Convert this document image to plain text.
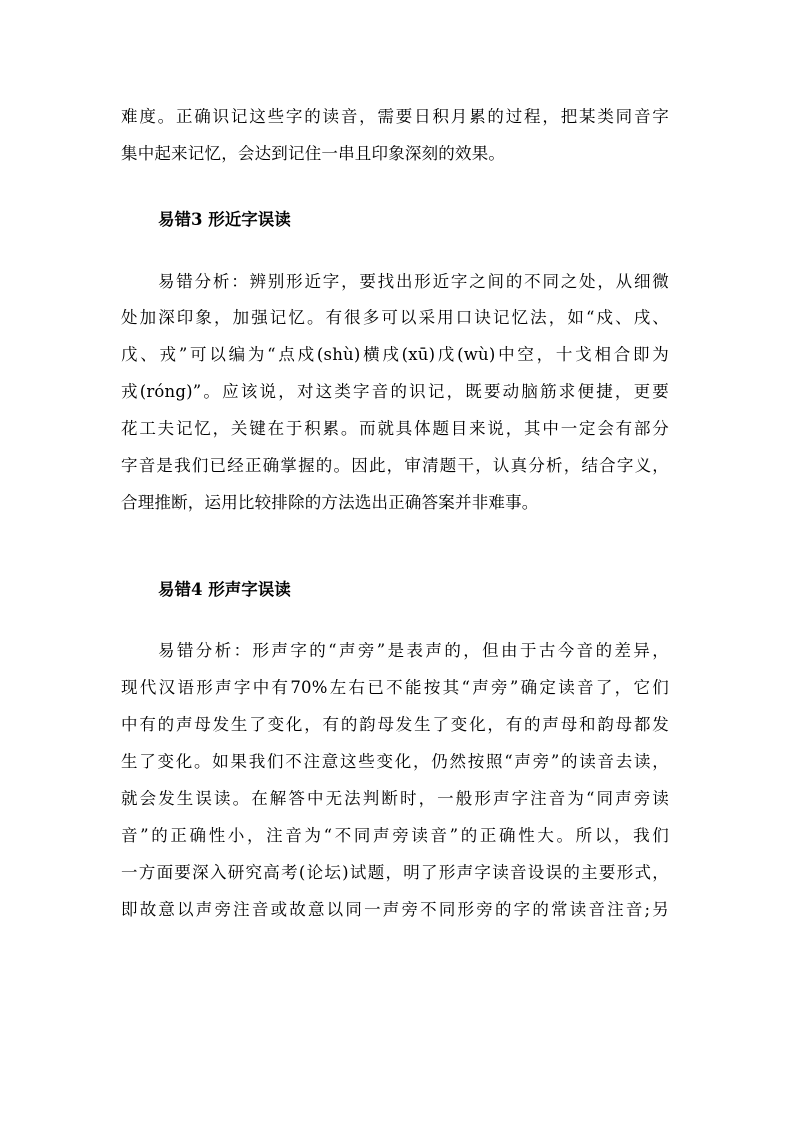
难度。正确识记这些字的读音，需要日积月累的过程，把某类同音字
集中起来记忆，会达到记住一串且印象深刻的效果。
易错3 形近字误读
易错分析：辨别形近字，要找出形近字之间的不同之处，从细微
处加深印象，加强记忆。有很多可以采用口诀记忆法，如“戍、戌、
戊、戎”可以编为“点戍(shù)横戌(xū)戊(wù)中空，十戈相合即为
戎(róng)”。应该说，对这类字音的识记，既要动脑筋求便捷，更要
花工夫记忆，关键在于积累。而就具体题目来说，其中一定会有部分
字音是我们已经正确掌握的。因此，审清题干，认真分析，结合字义，
合理推断，运用比较排除的方法选出正确答案并非难事。
易错4 形声字误读
易错分析：形声字的“声旁”是表声的，但由于古今音的差异，
现代汉语形声字中有70%左右已不能按其“声旁”确定读音了，它们
中有的声母发生了变化，有的韵母发生了变化，有的声母和韵母都发
生了变化。如果我们不注意这些变化，仍然按照“声旁”的读音去读，
就会发生误读。在解答中无法判断时，一般形声字注音为“同声旁读
音”的正确性小，注音为“不同声旁读音”的正确性大。所以，我们
一方面要深入研究高考(论坛)试题，明了形声字读音设误的主要形式，
即故意以声旁注音或故意以同一声旁不同形旁的字的常读音注音;另
